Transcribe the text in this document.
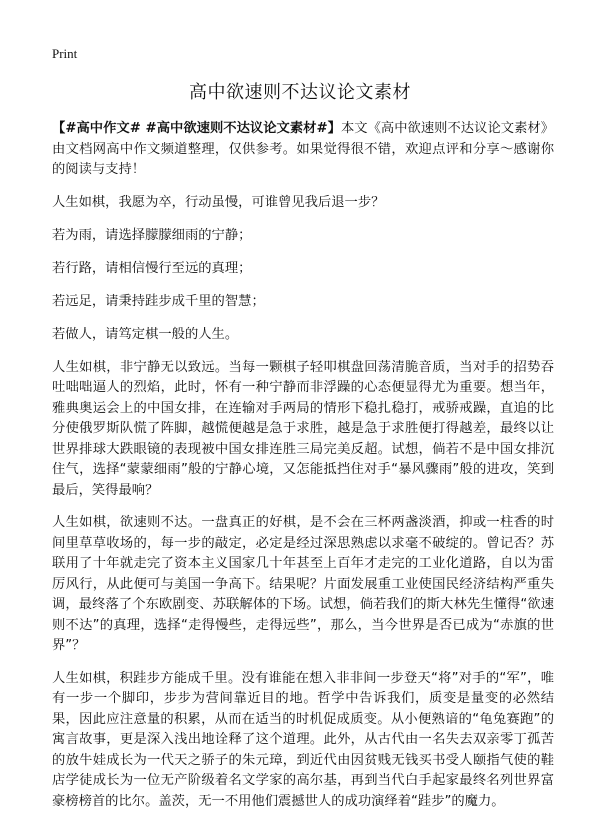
Print
高中欲速则不达议论文素材

【#高中作文# #高中欲速则不达议论文素材#】本文《高中欲速则不达议论文素材》由文档网高中作文频道整理，仅供参考。如果觉得很不错，欢迎点评和分享～感谢你的阅读与支持！

人生如棋，我愿为卒，行动虽慢，可谁曾见我后退一步？

若为雨，请选择朦朦细雨的宁静；

若行路，请相信慢行至远的真理；

若远足，请秉持跬步成千里的智慧；

若做人，请笃定棋一般的人生。

人生如棋，非宁静无以致远。当每一颗棋子轻叩棋盘回荡清脆音质，当对手的招势吞吐咄咄逼人的烈焰，此时，怀有一种宁静而非浮躁的心态便显得尤为重要。想当年，雅典奥运会上的中国女排，在连输对手两局的情形下稳扎稳打，戒骄戒躁，直追的比分使俄罗斯队慌了阵脚，越慌便越是急于求胜，越是急于求胜便打得越差，最终以让世界排球大跌眼镜的表现被中国女排连胜三局完美反超。试想，倘若不是中国女排沉住气，选择“蒙蒙细雨”般的宁静心境，又怎能抵挡住对手“暴风骤雨”般的进攻，笑到最后，笑得最响？

人生如棋，欲速则不达。一盘真正的好棋，是不会在三杯两盏淡酒，抑或一柱香的时间里草草收场的，每一步的敲定，必定是经过深思熟虑以求毫不破绽的。曾记否？苏联用了十年就走完了资本主义国家几十年甚至上百年才走完的工业化道路，自以为雷厉风行，从此便可与美国一争高下。结果呢？片面发展重工业使国民经济结构严重失调，最终落了个东欧剧变、苏联解体的下场。试想，倘若我们的斯大林先生懂得“欲速则不达”的真理，选择“走得慢些，走得远些”，那么，当今世界是否已成为“赤旗的世界”？

人生如棋，积跬步方能成千里。没有谁能在想入非非间一步登天“将”对手的“军”，唯有一步一个脚印，步步为营间靠近目的地。哲学中告诉我们，质变是量变的必然结果，因此应注意量的积累，从而在适当的时机促成质变。从小便熟谙的“龟兔赛跑”的寓言故事，更是深入浅出地诠释了这个道理。此外，从古代由一名失去双亲零丁孤苦的放牛娃成长为一代天之骄子的朱元璋，到近代由因贫贱无钱买书受人颐指气使的鞋店学徒成长为一位无产阶级着名文学家的高尔基，再到当代白手起家最终名列世界富豪榜榜首的比尔。盖茨，无一不用他们震撼世人的成功演绎着“跬步”的魔力。
